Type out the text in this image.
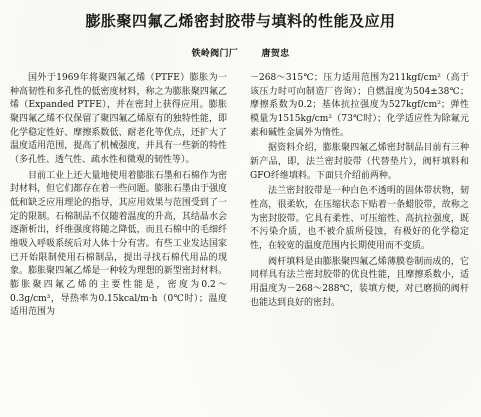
膨胀聚四氟乙烯密封胶带与填料的性能及应用
铁岭阀门厂	唐贺忠

国外于1969年将聚四氟乙烯（PTFE）膨胀为一种高韧性和多孔性的低密度材料，称之为膨胀聚四氟乙烯（Expanded PTFE），并在密封上获得应用。膨胀聚四氟乙烯不仅保留了聚四氟乙烯原有的独特性能，即化学稳定性好、摩擦系数低、耐老化等优点，还扩大了温度适用范围，提高了机械强度，并具有一些新的特性（多孔性、透气性、疏水性和微观的韧性等）。

目前工业上还大量地使用着膨胀石墨和石棉作为密封材料，但它们都存在着一些问题。膨胀石墨由于强度低和缺乏应用理论的指导，其应用效果与范围受到了一定的限制。石棉制品不仅随着温度的升高，其结晶水会逐渐析出，纤维强度将随之降低，而且石棉中的毛细纤维吸入呼吸系统后对人体十分有害。有些工业发达国家已开始限制使用石棉制品，提出寻找石棉代用品的现象。膨胀聚四氟乙烯是一种较为理想的新型密封材料。膨胀聚四氟乙烯的主要性能是，密度为0.2～0.3g/cm³，导热率为0.15kcal/m·h（0℃时）；温度适用范围为

－268～315℃；压力适用范围为211kgf/cm²（高于该压力时可向制造厂咨询）；自燃温度为504±38℃；摩擦系数为0.2；基体抗拉强度为527kgf/cm²；弹性模量为1515kg/cm²（73℃时）；化学适应性为除氟元素和碱性金属外为惰性。

据资料介绍，膨胀聚四氟乙烯密封制品目前有三种新产品，即，法兰密封胶带（代替垫片），阀杆填料和GFO纤维填料。下面只介绍前两种。

法兰密封胶带是一种白色不透明的固体带状物，韧性高，很柔软，在压缩状态下贴着一条蜡胶带，故称之为密封胶带。它具有柔性、可压缩性、高抗拉强度，既不污染介质，也不被介质所侵蚀，有极好的化学稳定性，在较宽的温度范围内长期使用而不变质。

阀杆填料是由膨胀聚四氟乙烯薄膜卷制而成的，它同样具有法兰密封胶带的优良性能，且摩擦系数小，适用温度为－268～288℃，装填方便，对已磨损的阀杆也能达到良好的密封。
